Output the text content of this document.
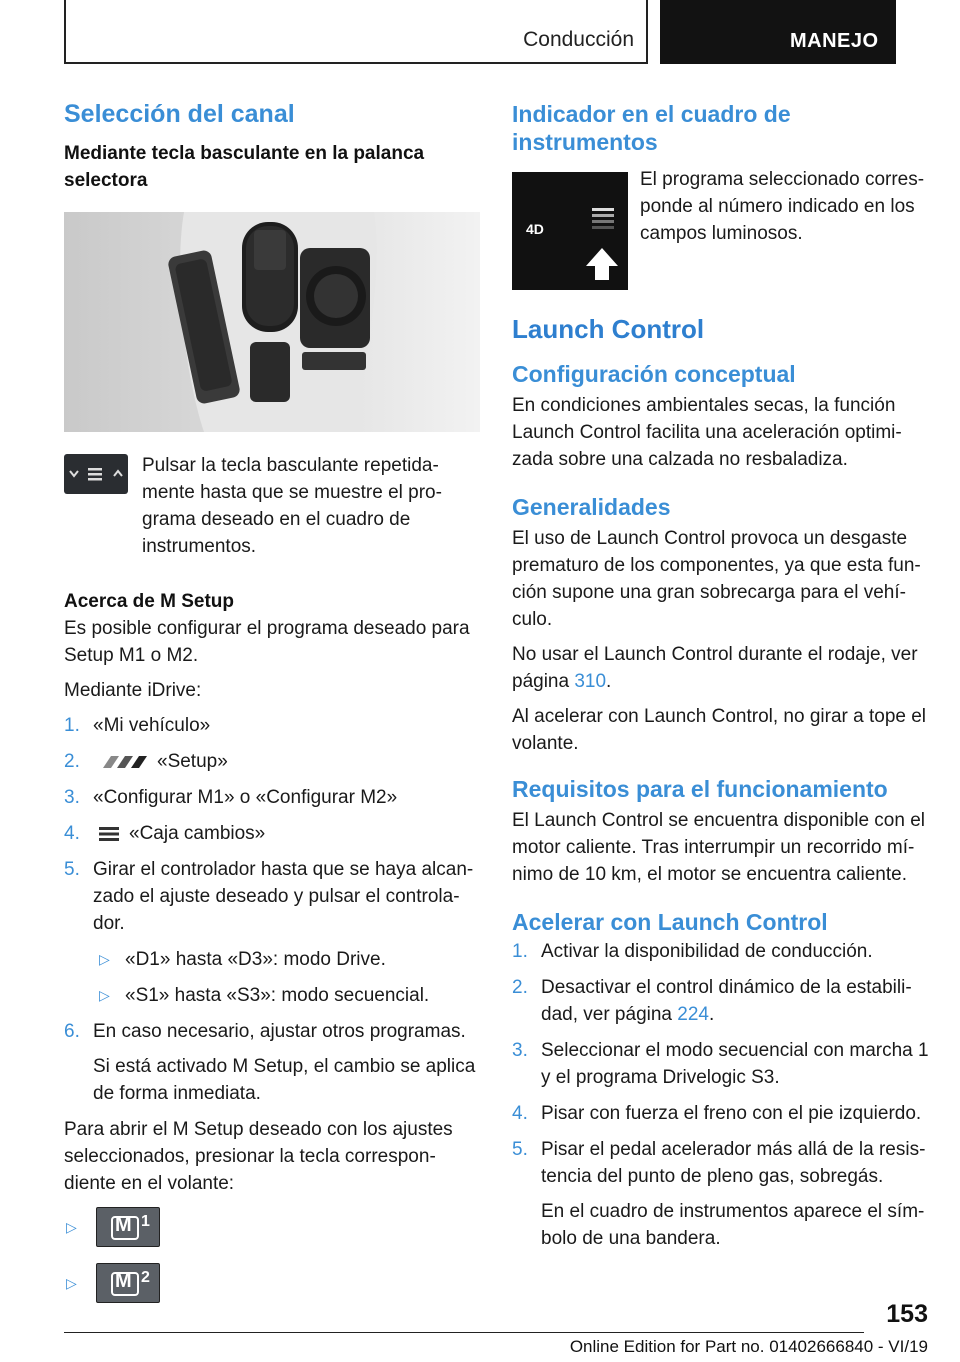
Conducción	MANEJO
Selección del canal
Mediante tecla basculante en la palanca selectora

Pulsar la tecla basculante repetidamente hasta que se muestre el programa deseado en el cuadro de instrumentos.

Acerca de M Setup

Es posible configurar el programa deseado para Setup M1 o M2.

Mediante iDrive:

1. «Mi vehículo»
2.	«Setup»
3. «Configurar M1» o «Configurar M2»
4.	«Caja cambios»
5. Girar el controlador hasta que se haya alcanzado el ajuste deseado y pulsar el controlador.
▷ «D1» hasta «D3»: modo Drive.
▷ «S1» hasta «S3»: modo secuencial.
6. En caso necesario, ajustar otros programas.
Si está activado M Setup, el cambio se aplica de forma inmediata.

Para abrir el M Setup deseado con los ajustes seleccionados, presionar la tecla correspondiente en el volante:

▷	M 1
▷	M 2
Indicador en el cuadro de instrumentos
4D

El programa seleccionado corresponde al número indicado en los campos luminosos.

Launch Control
Configuración conceptual

En condiciones ambientales secas, la función Launch Control facilita una aceleración optimizada sobre una calzada no resbaladiza.

Generalidades

El uso de Launch Control provoca un desgaste prematuro de los componentes, ya que esta función supone una gran sobrecarga para el vehículo.

No usar el Launch Control durante el rodaje, ver página 310.

Al acelerar con Launch Control, no girar a tope el volante.

Requisitos para el funcionamiento

El Launch Control se encuentra disponible con el motor caliente. Tras interrumpir un recorrido mínimo de 10 km, el motor se encuentra caliente.

Acelerar con Launch Control
1. Activar la disponibilidad de conducción.
2. Desactivar el control dinámico de la estabilidad, ver página 224.
3. Seleccionar el modo secuencial con marcha 1 y el programa Drivelogic S3.
4. Pisar con fuerza el freno con el pie izquierdo.
5. Pisar el pedal acelerador más allá de la resistencia del punto de pleno gas, sobregás.
En el cuadro de instrumentos aparece el símbolo de una bandera.
153
Online Edition for Part no. 01402666840 - VI/19
